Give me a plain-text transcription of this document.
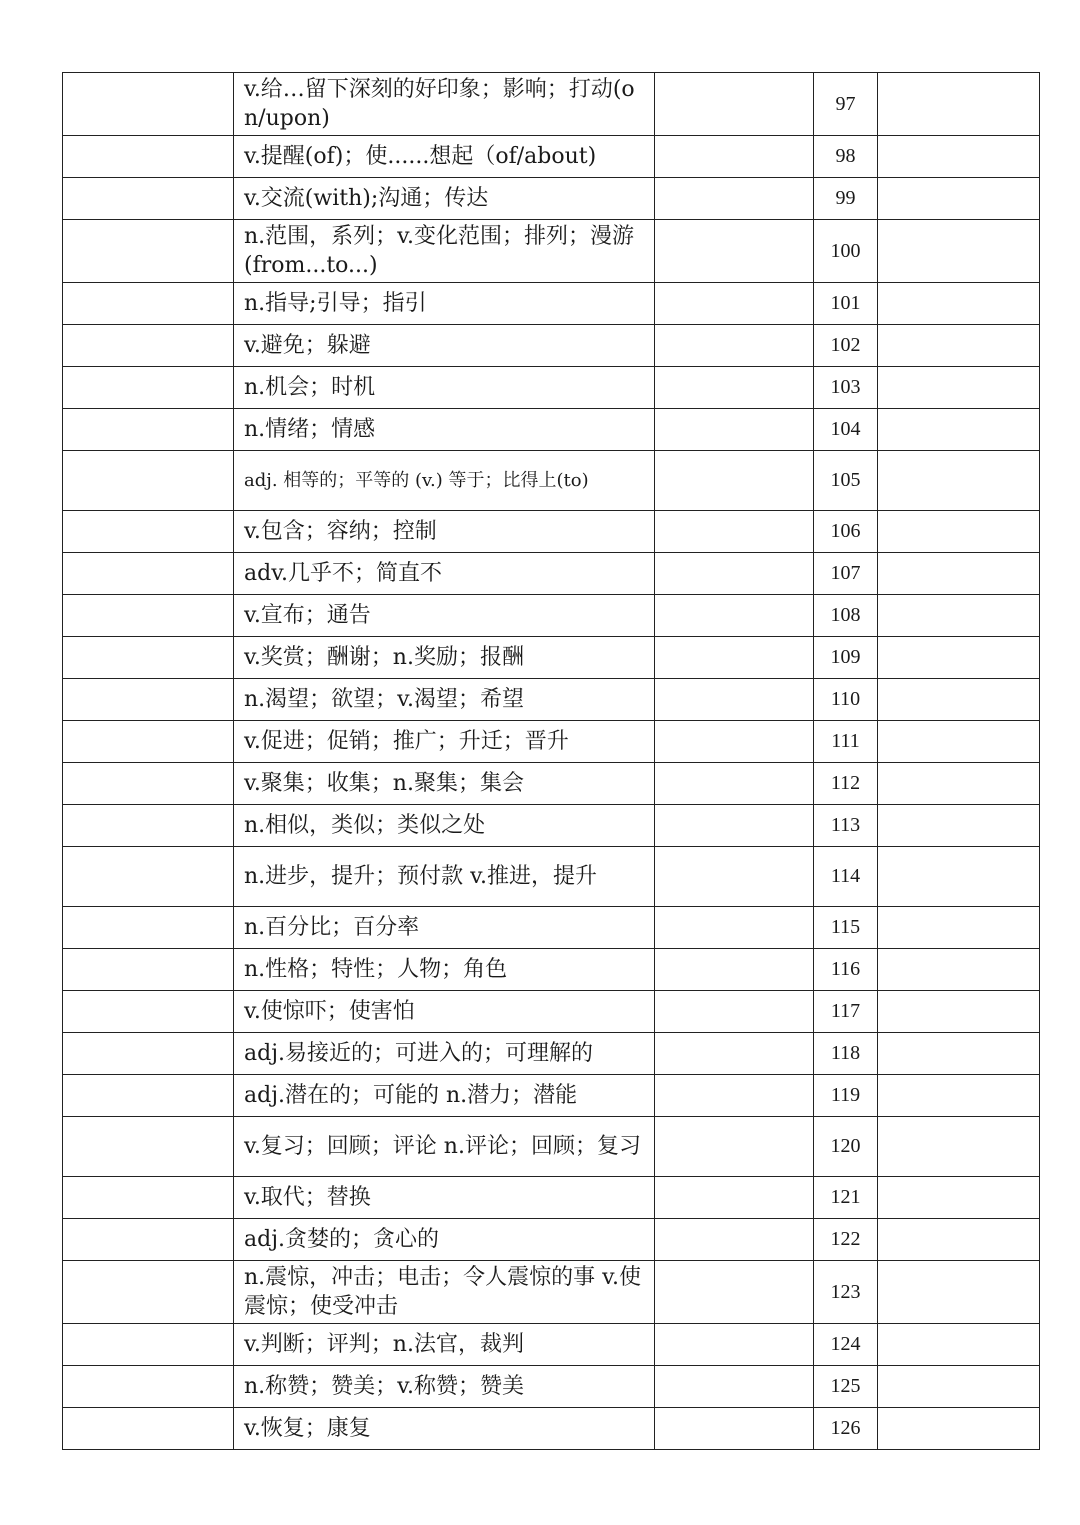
	v.给…留下深刻的好印象；影响；打动(on/upon)		97	
	v.提醒(of)；使......想起（of/about)		98	
	v.交流(with);沟通；传达		99	
	n.范围，系列；v.变化范围；排列；漫游 (from...to...)		100	
	n.指导;引导；指引		101	
	v.避免；躲避		102	
	n.机会；时机		103	
	n.情绪；情感		104	
	adj. 相等的；平等的 (v.) 等于；比得上(to)		105	
	v.包含；容纳；控制		106	
	adv.几乎不；简直不		107	
	v.宣布；通告		108	
	v.奖赏；酬谢；n.奖励；报酬		109	
	n.渴望；欲望；v.渴望；希望		110	
	v.促进；促销；推广；升迁；晋升		111	
	v.聚集；收集；n.聚集；集会		112	
	n.相似，类似；类似之处		113	
	n.进步，提升；预付款 v.推进，提升		114	
	n.百分比；百分率		115	
	n.性格；特性；人物；角色		116	
	v.使惊吓；使害怕		117	
	adj.易接近的；可进入的；可理解的		118	
	adj.潜在的；可能的 n.潜力；潜能		119	
	v.复习；回顾；评论 n.评论；回顾；复习		120	
	v.取代；替换		121	
	adj.贪婪的；贪心的		122	
	n.震惊，冲击；电击；令人震惊的事 v.使震惊；使受冲击		123	
	v.判断；评判；n.法官，裁判		124	
	n.称赞；赞美；v.称赞；赞美		125	
	v.恢复；康复		126	
